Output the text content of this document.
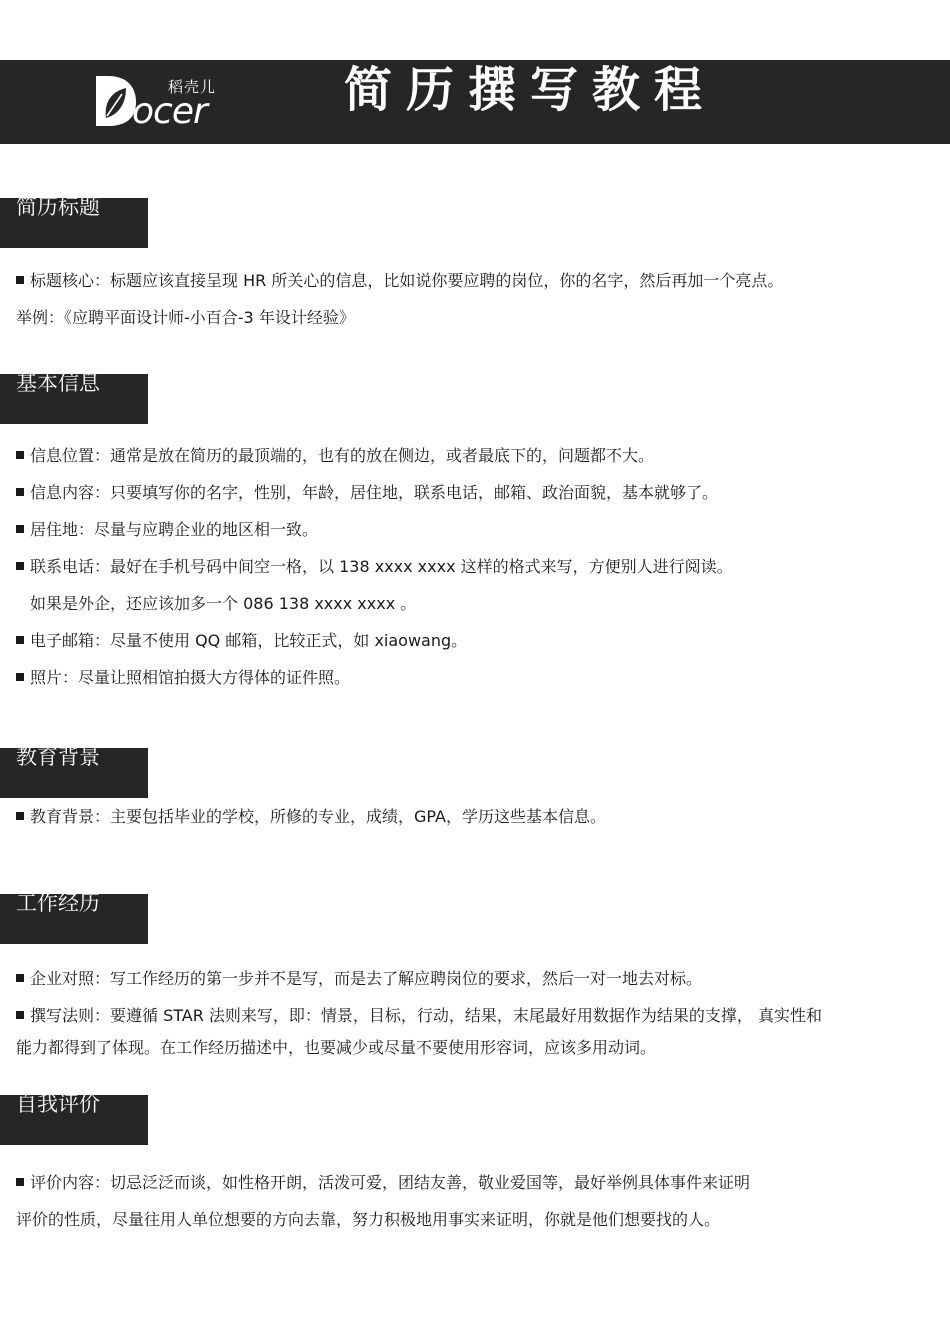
稻壳儿
ocer	简历撰写教程
简历标题
标题核心：标题应该直接呈现 HR 所关心的信息，比如说你要应聘的岗位，你的名字，然后再加一个亮点。
举例：《应聘平面设计师-小百合-3 年设计经验》
基本信息
信息位置：通常是放在简历的最顶端的，也有的放在侧边，或者最底下的，问题都不大。
信息内容：只要填写你的名字，性别，年龄，居住地，联系电话，邮箱、政治面貌，基本就够了。
居住地：尽量与应聘企业的地区相一致。
联系电话：最好在手机号码中间空一格，以 138 xxxx xxxx 这样的格式来写，方便别人进行阅读。
如果是外企，还应该加多一个 086 138 xxxx xxxx 。
电子邮箱：尽量不使用 QQ 邮箱，比较正式，如 xiaowang。
照片：尽量让照相馆拍摄大方得体的证件照。
教育背景
教育背景：主要包括毕业的学校，所修的专业，成绩，GPA，学历这些基本信息。
工作经历
企业对照：写工作经历的第一步并不是写，而是去了解应聘岗位的要求，然后一对一地去对标。
撰写法则：要遵循 STAR 法则来写，即：情景，目标，行动，结果，末尾最好用数据作为结果的支撑， 真实性和
能力都得到了体现。在工作经历描述中，也要减少或尽量不要使用形容词，应该多用动词。
自我评价
评价内容：切忌泛泛而谈，如性格开朗，活泼可爱，团结友善，敬业爱国等，最好举例具体事件来证明
评价的性质，尽量往用人单位想要的方向去靠，努力积极地用事实来证明，你就是他们想要找的人。
